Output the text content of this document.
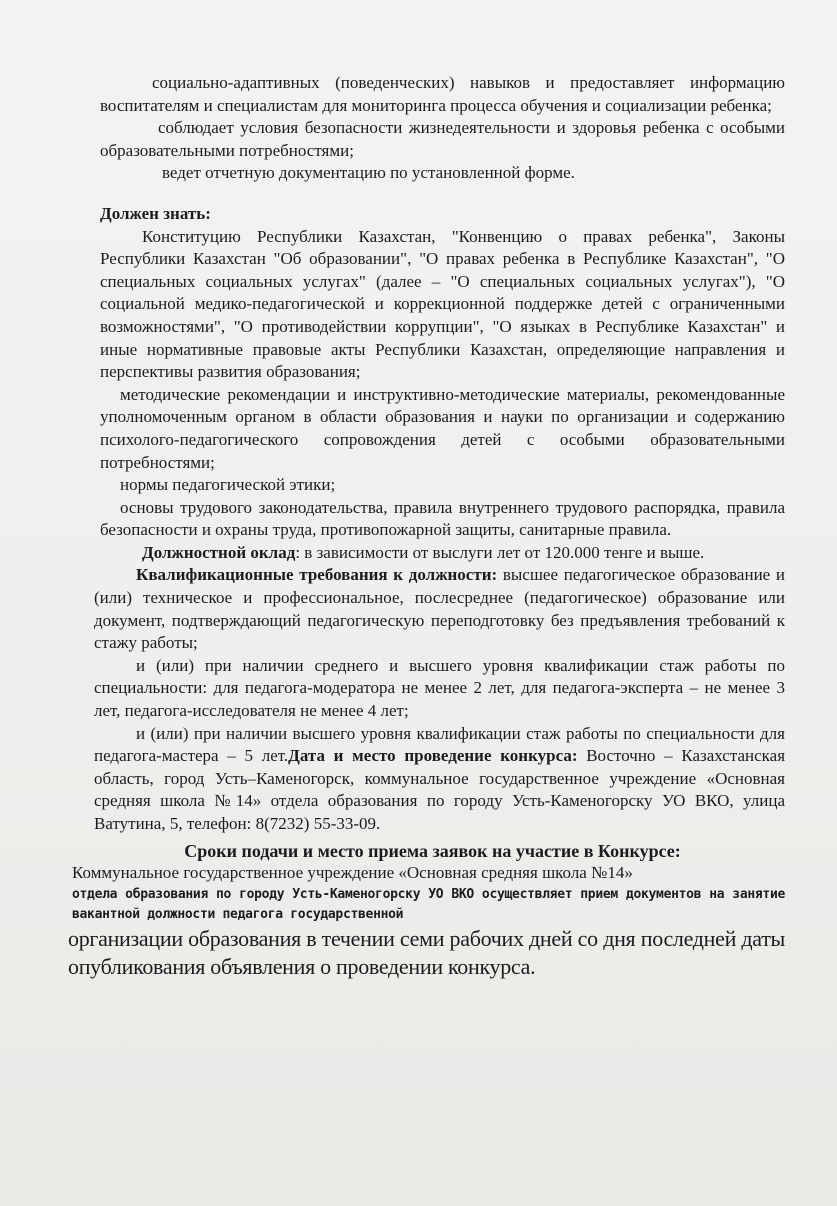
социально-адаптивных (поведенческих) навыков и предоставляет информацию воспитателям и специалистам для мониторинга процесса обучения и социализации ребенка;

соблюдает условия безопасности жизнедеятельности и здоровья ребенка с особыми образовательными потребностями;

ведет отчетную документацию по установленной форме.

Должен знать:

Конституцию Республики Казахстан, "Конвенцию о правах ребенка", Законы Республики Казахстан "Об образовании", "О правах ребенка в Республике Казахстан", "О специальных социальных услугах" (далее – "О специальных социальных услугах"), "О социальной медико-педагогической и коррекционной поддержке детей с ограниченными возможностями", "О противодействии коррупции", "О языках в Республике Казахстан" и иные нормативные правовые акты Республики Казахстан, определяющие направления и перспективы развития образования;

методические рекомендации и инструктивно-методические материалы, рекомендованные уполномоченным органом в области образования и науки по организации и содержанию психолого-педагогического сопровождения детей с особыми образовательными потребностями;

нормы педагогической этики;

основы трудового законодательства, правила внутреннего трудового распорядка, правила безопасности и охраны труда, противопожарной защиты, санитарные правила.

Должностной оклад: в зависимости от выслуги лет от 120.000 тенге и выше.

Квалификационные требования к должности: высшее педагогическое образование и (или) техническое и профессиональное, послесреднее (педагогическое) образование или документ, подтверждающий педагогическую переподготовку без предъявления требований к стажу работы;

и (или) при наличии среднего и высшего уровня квалификации стаж работы по специальности: для педагога-модератора не менее 2 лет, для педагога-эксперта – не менее 3 лет, педагога-исследователя не менее 4 лет;

и (или) при наличии высшего уровня квалификации стаж работы по специальности для педагога-мастера – 5 лет.Дата и место проведение конкурса: Восточно – Казахстанская область, город Усть–Каменогорск, коммунальное государственное учреждение «Основная средняя школа №14» отдела образования по городу Усть-Каменогорску УО ВКО, улица Ватутина, 5, телефон: 8(7232) 55-33-09.

Сроки подачи и место приема заявок на участие в Конкурсе:

Коммунальное государственное учреждение «Основная средняя школа №14»

отдела образования по городу Усть-Каменогорску УО ВКО осуществляет прием документов на занятие вакантной должности педагога государственной

организации образования в течении семи рабочих дней со дня последней даты опубликования объявления о проведении конкурса.
